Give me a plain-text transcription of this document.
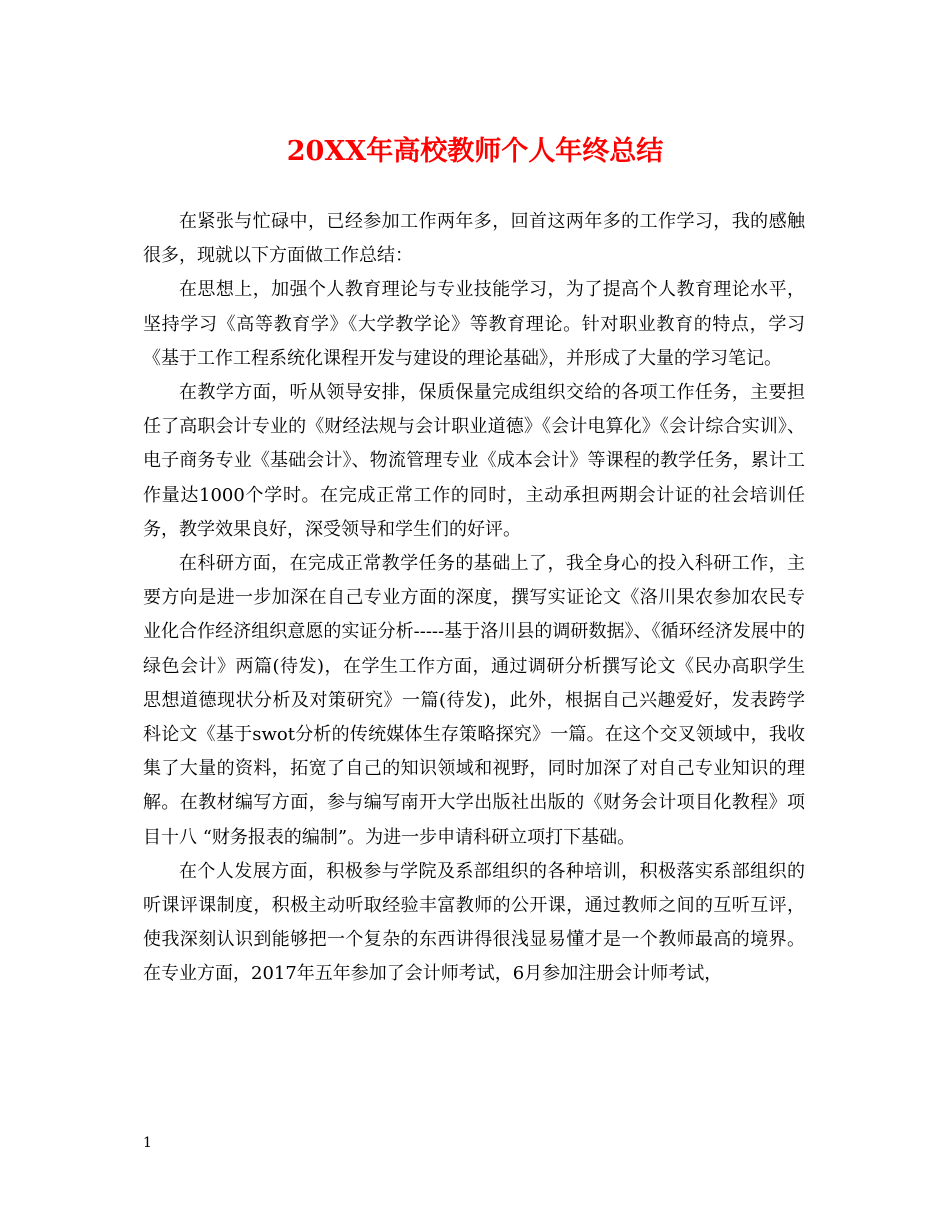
20XX年高校教师个人年终总结

在紧张与忙碌中，已经参加工作两年多，回首这两年多的工作学习，我的感触很多，现就以下方面做工作总结：

在思想上，加强个人教育理论与专业技能学习，为了提高个人教育理论水平，坚持学习《高等教育学》《大学教学论》等教育理论。针对职业教育的特点，学习《基于工作工程系统化课程开发与建设的理论基础》，并形成了大量的学习笔记。

在教学方面，听从领导安排，保质保量完成组织交给的各项工作任务，主要担任了高职会计专业的《财经法规与会计职业道德》《会计电算化》《会计综合实训》、电子商务专业《基础会计》、物流管理专业《成本会计》等课程的教学任务，累计工作量达1000个学时。在完成正常工作的同时，主动承担两期会计证的社会培训任务，教学效果良好，深受领导和学生们的好评。

在科研方面，在完成正常教学任务的基础上了，我全身心的投入科研工作，主要方向是进一步加深在自己专业方面的深度，撰写实证论文《洛川果农参加农民专业化合作经济组织意愿的实证分析-----基于洛川县的调研数据》、《循环经济发展中的绿色会计》两篇(待发)，在学生工作方面，通过调研分析撰写论文《民办高职学生思想道德现状分析及对策研究》一篇(待发)，此外，根据自己兴趣爱好，发表跨学科论文《基于swot分析的传统媒体生存策略探究》一篇。在这个交叉领域中，我收集了大量的资料，拓宽了自己的知识领域和视野，同时加深了对自己专业知识的理解。在教材编写方面，参与编写南开大学出版社出版的《财务会计项目化教程》项目十八 “财务报表的编制”。为进一步申请科研立项打下基础。

在个人发展方面，积极参与学院及系部组织的各种培训，积极落实系部组织的听课评课制度，积极主动听取经验丰富教师的公开课，通过教师之间的互听互评，使我深刻认识到能够把一个复杂的东西讲得很浅显易懂才是一个教师最高的境界。在专业方面，2017年五年参加了会计师考试，6月参加注册会计师考试，

1
